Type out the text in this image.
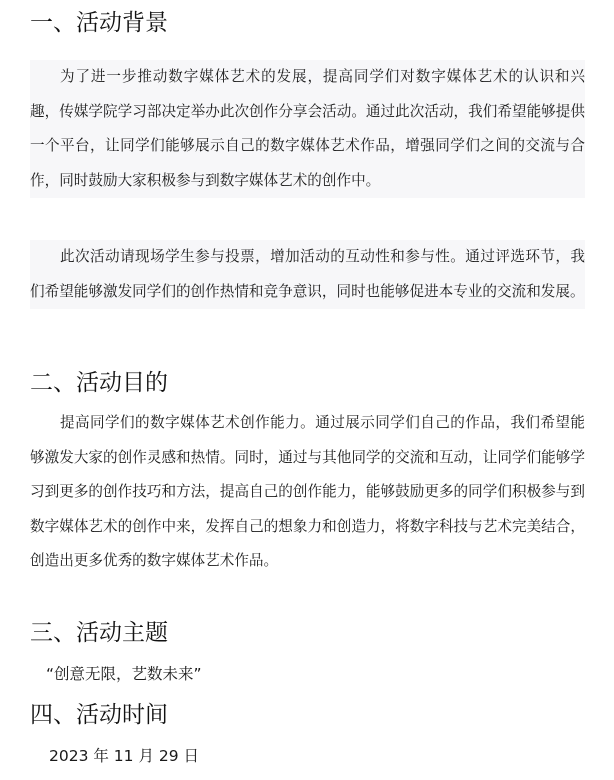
一、活动背景

为了进一步推动数字媒体艺术的发展，提高同学们对数字媒体艺术的认识和兴趣，传媒学院学习部决定举办此次创作分享会活动。通过此次活动，我们希望能够提供一个平台，让同学们能够展示自己的数字媒体艺术作品，增强同学们之间的交流与合作，同时鼓励大家积极参与到数字媒体艺术的创作中。

此次活动请现场学生参与投票，增加活动的互动性和参与性。通过评选环节，我们希望能够激发同学们的创作热情和竞争意识，同时也能够促进本专业的交流和发展。

二、活动目的

提高同学们的数字媒体艺术创作能力。通过展示同学们自己的作品，我们希望能够激发大家的创作灵感和热情。同时，通过与其他同学的交流和互动，让同学们能够学习到更多的创作技巧和方法，提高自己的创作能力，能够鼓励更多的同学们积极参与到数字媒体艺术的创作中来，发挥自己的想象力和创造力，将数字科技与艺术完美结合，创造出更多优秀的数字媒体艺术作品。

三、活动主题
“创意无限，艺数未来”
四、活动时间
2023 年 11 月 29 日
